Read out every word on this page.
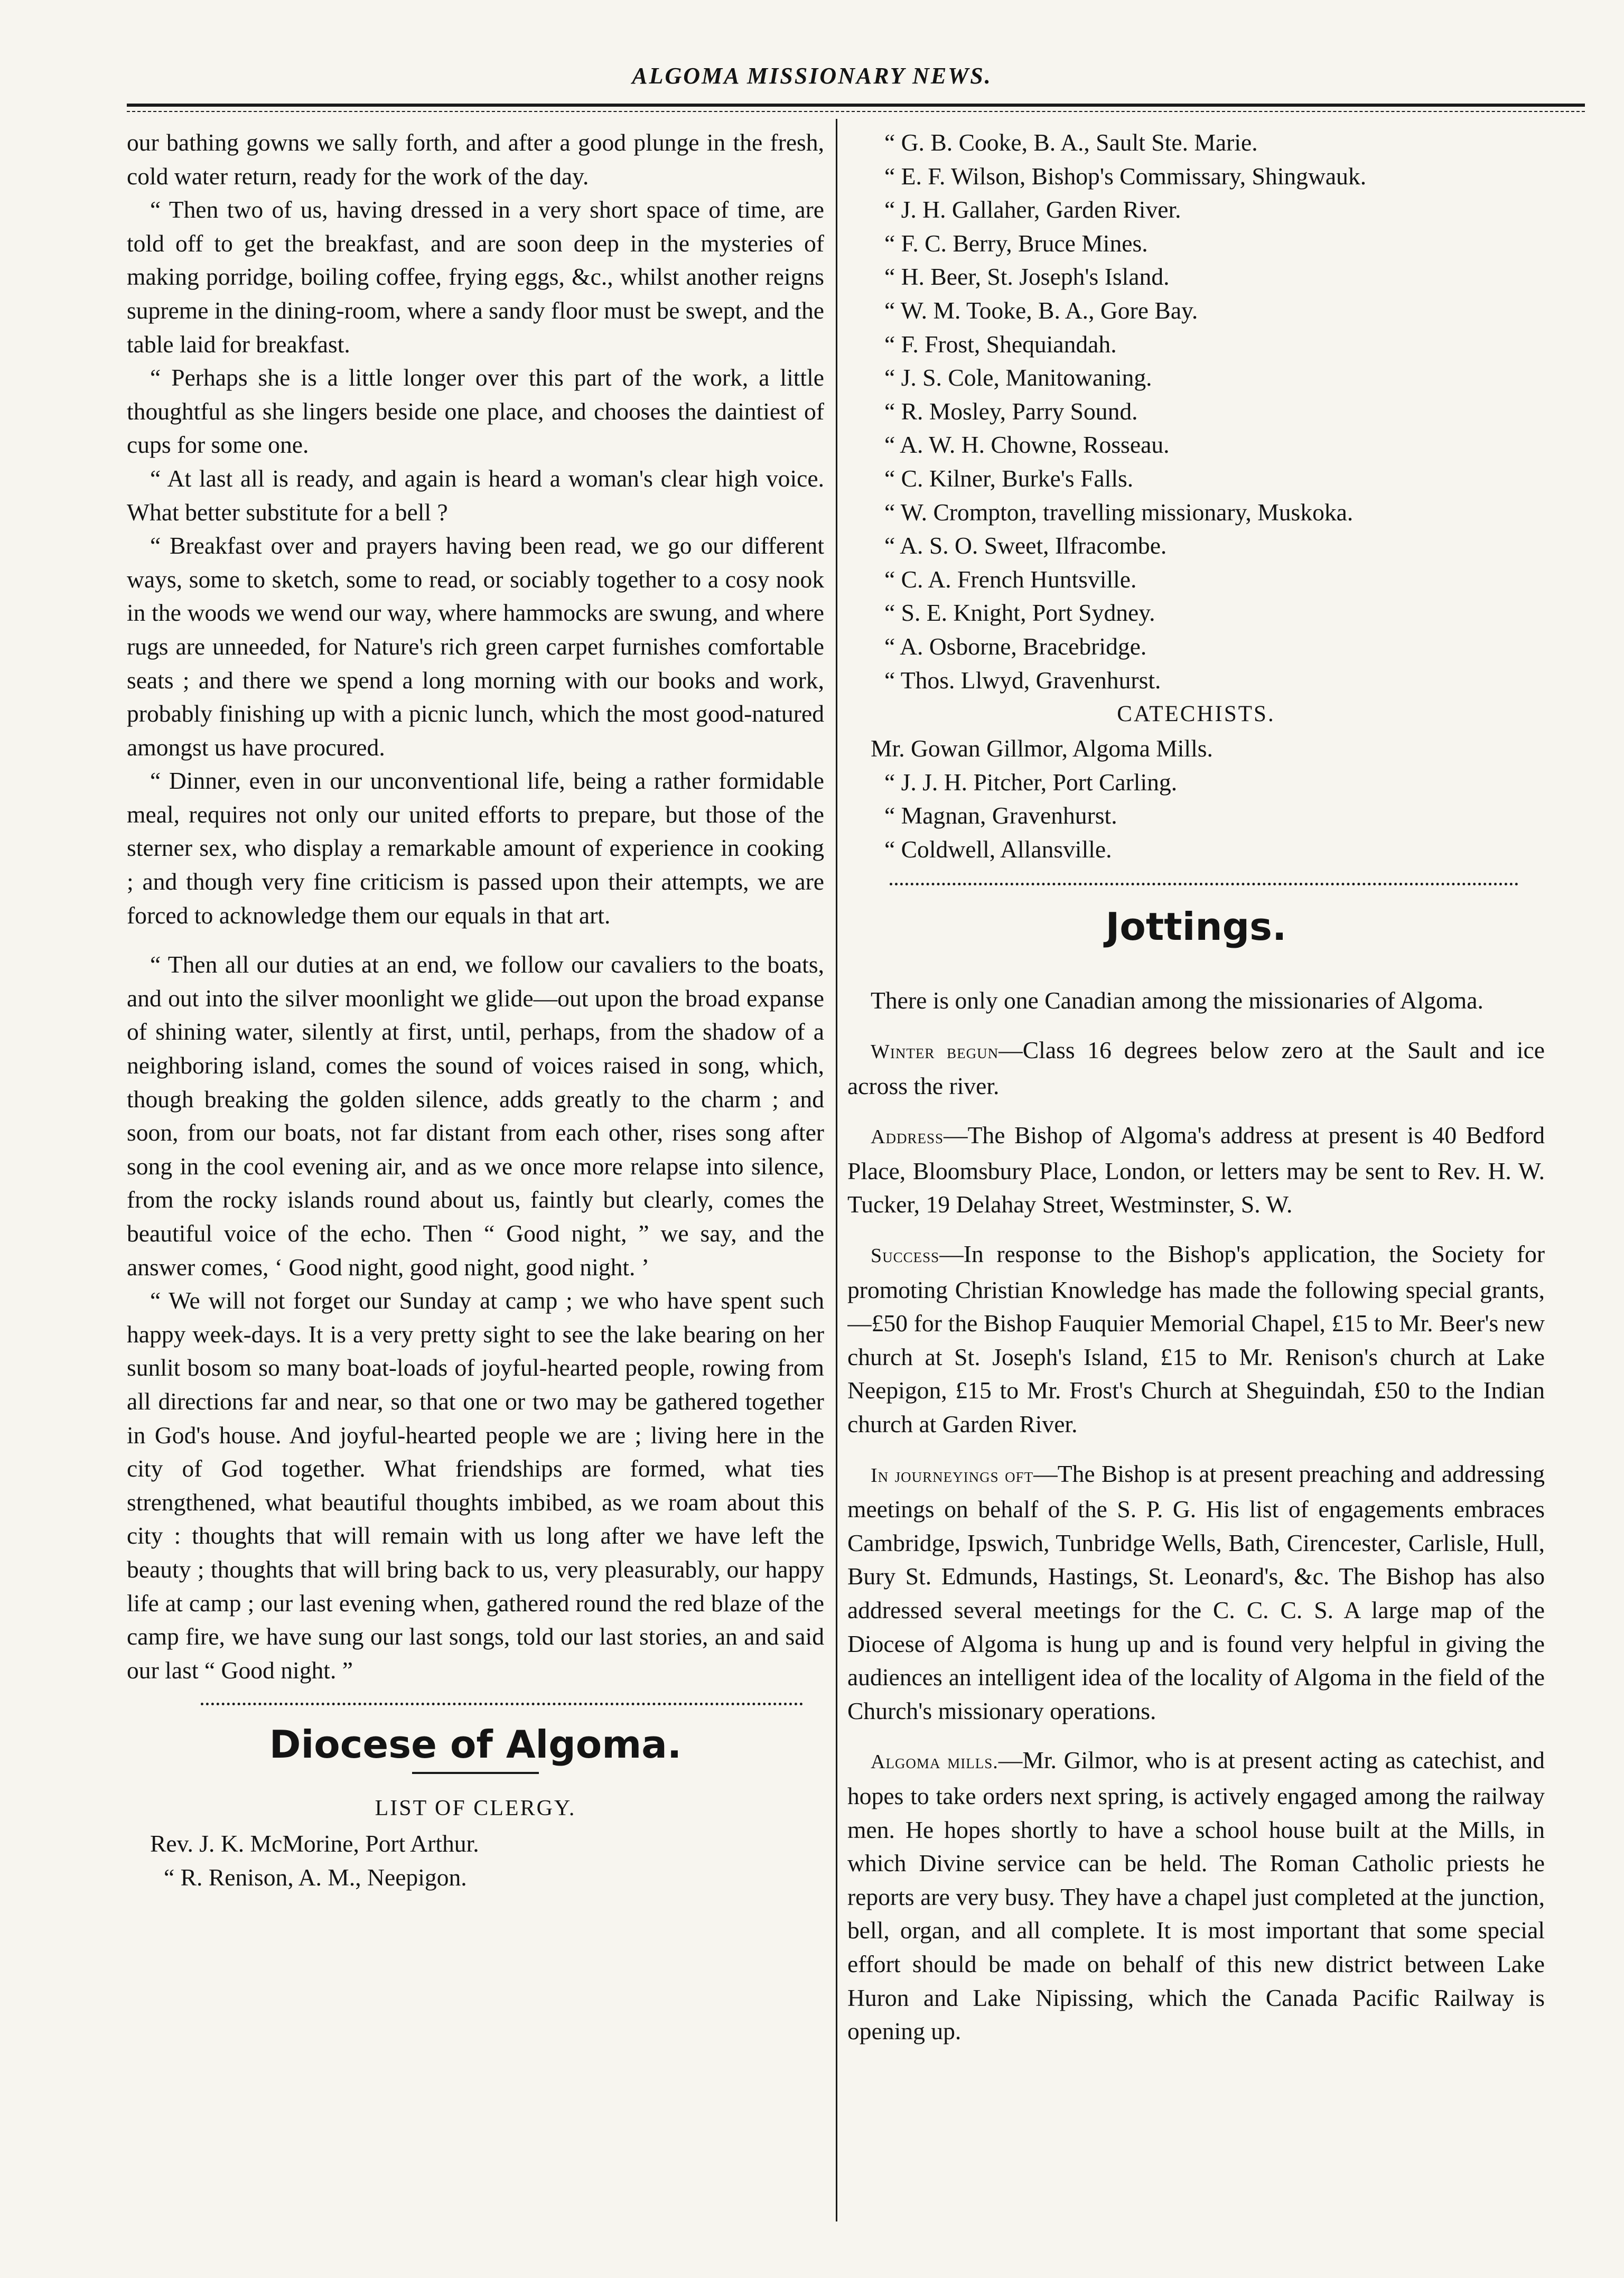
ALGOMA MISSIONARY NEWS.

our bathing gowns we sally forth, and after a good plunge in the fresh, cold water return, ready for the work of the day.

“ Then two of us, having dressed in a very short space of time, are told off to get the breakfast, and are soon deep in the mysteries of making porridge, boiling coffee, frying eggs, &c., whilst another reigns supreme in the dining-room, where a sandy floor must be swept, and the table laid for breakfast.

“ Perhaps she is a little longer over this part of the work, a little thoughtful as she lingers beside one place, and chooses the daintiest of cups for some one.

“ At last all is ready, and again is heard a woman's clear high voice. What better substitute for a bell ?

“ Breakfast over and prayers having been read, we go our different ways, some to sketch, some to read, or sociably together to a cosy nook in the woods we wend our way, where hammocks are swung, and where rugs are unneeded, for Nature's rich green carpet furnishes comfortable seats ; and there we spend a long morning with our books and work, probably finishing up with a picnic lunch, which the most good-natured amongst us have procured.

“ Dinner, even in our unconventional life, being a rather formidable meal, requires not only our united efforts to prepare, but those of the sterner sex, who display a remarkable amount of experience in cooking ; and though very fine criticism is passed upon their attempts, we are forced to acknowledge them our equals in that art.

“ Then all our duties at an end, we follow our cavaliers to the boats, and out into the silver moonlight we glide—out upon the broad expanse of shining water, silently at first, until, perhaps, from the shadow of a neighboring island, comes the sound of voices raised in song, which, though breaking the golden silence, adds greatly to the charm ; and soon, from our boats, not far distant from each other, rises song after song in the cool evening air, and as we once more relapse into silence, from the rocky islands round about us, faintly but clearly, comes the beautiful voice of the echo. Then “ Good night, ” we say, and the answer comes, ‘ Good night, good night, good night. ’

“ We will not forget our Sunday at camp ; we who have spent such happy week-days. It is a very pretty sight to see the lake bearing on her sunlit bosom so many boat-loads of joyful-hearted people, rowing from all directions far and near, so that one or two may be gathered together in God's house. And joyful-hearted people we are ; living here in the city of God together. What friendships are formed, what ties strengthened, what beautiful thoughts imbibed, as we roam about this city : thoughts that will remain with us long after we have left the beauty ; thoughts that will bring back to us, very pleasurably, our happy life at camp ; our last evening when, gathered round the red blaze of the camp fire, we have sung our last songs, told our last stories, an and said our last “ Good night. ”

Diocese of Algoma.
LIST OF CLERGY.

Rev. J. K. McMorine, Port Arthur.

“ R. Renison, A. M., Neepigon.

“ G. B. Cooke, B. A., Sault Ste. Marie.

“ E. F. Wilson, Bishop's Commissary, Shingwauk.

“ J. H. Gallaher, Garden River.

“ F. C. Berry, Bruce Mines.

“ H. Beer, St. Joseph's Island.

“ W. M. Tooke, B. A., Gore Bay.

“ F. Frost, Shequiandah.

“ J. S. Cole, Manitowaning.

“ R. Mosley, Parry Sound.

“ A. W. H. Chowne, Rosseau.

“ C. Kilner, Burke's Falls.

“ W. Crompton, travelling missionary, Muskoka.

“ A. S. O. Sweet, Ilfracombe.

“ C. A. French Huntsville.

“ S. E. Knight, Port Sydney.

“ A. Osborne, Bracebridge.

“ Thos. Llwyd, Gravenhurst.

CATECHISTS.

Mr. Gowan Gillmor, Algoma Mills.

“ J. J. H. Pitcher, Port Carling.

“ Magnan, Gravenhurst.

“ Coldwell, Allansville.

Jottings.

There is only one Canadian among the missionaries of Algoma.

Winter begun—Class 16 degrees below zero at the Sault and ice across the river.

Address—The Bishop of Algoma's address at present is 40 Bedford Place, Bloomsbury Place, London, or letters may be sent to Rev. H. W. Tucker, 19 Delahay Street, Westminster, S. W.

Success—In response to the Bishop's application, the Society for promoting Christian Knowledge has made the following special grants,—£50 for the Bishop Fauquier Memorial Chapel, £15 to Mr. Beer's new church at St. Joseph's Island, £15 to Mr. Renison's church at Lake Neepigon, £15 to Mr. Frost's Church at Sheguindah, £50 to the Indian church at Garden River.

In journeyings oft—The Bishop is at present preaching and addressing meetings on behalf of the S. P. G. His list of engagements embraces Cambridge, Ipswich, Tunbridge Wells, Bath, Cirencester, Carlisle, Hull, Bury St. Edmunds, Hastings, St. Leonard's, &c. The Bishop has also addressed several meetings for the C. C. C. S. A large map of the Diocese of Algoma is hung up and is found very helpful in giving the audiences an intelligent idea of the locality of Algoma in the field of the Church's missionary operations.

Algoma mills.—Mr. Gilmor, who is at present acting as catechist, and hopes to take orders next spring, is actively engaged among the railway men. He hopes shortly to have a school house built at the Mills, in which Divine service can be held. The Roman Catholic priests he reports are very busy. They have a chapel just completed at the junction, bell, organ, and all complete. It is most important that some special effort should be made on behalf of this new district between Lake Huron and Lake Nipissing, which the Canada Pacific Railway is opening up.
